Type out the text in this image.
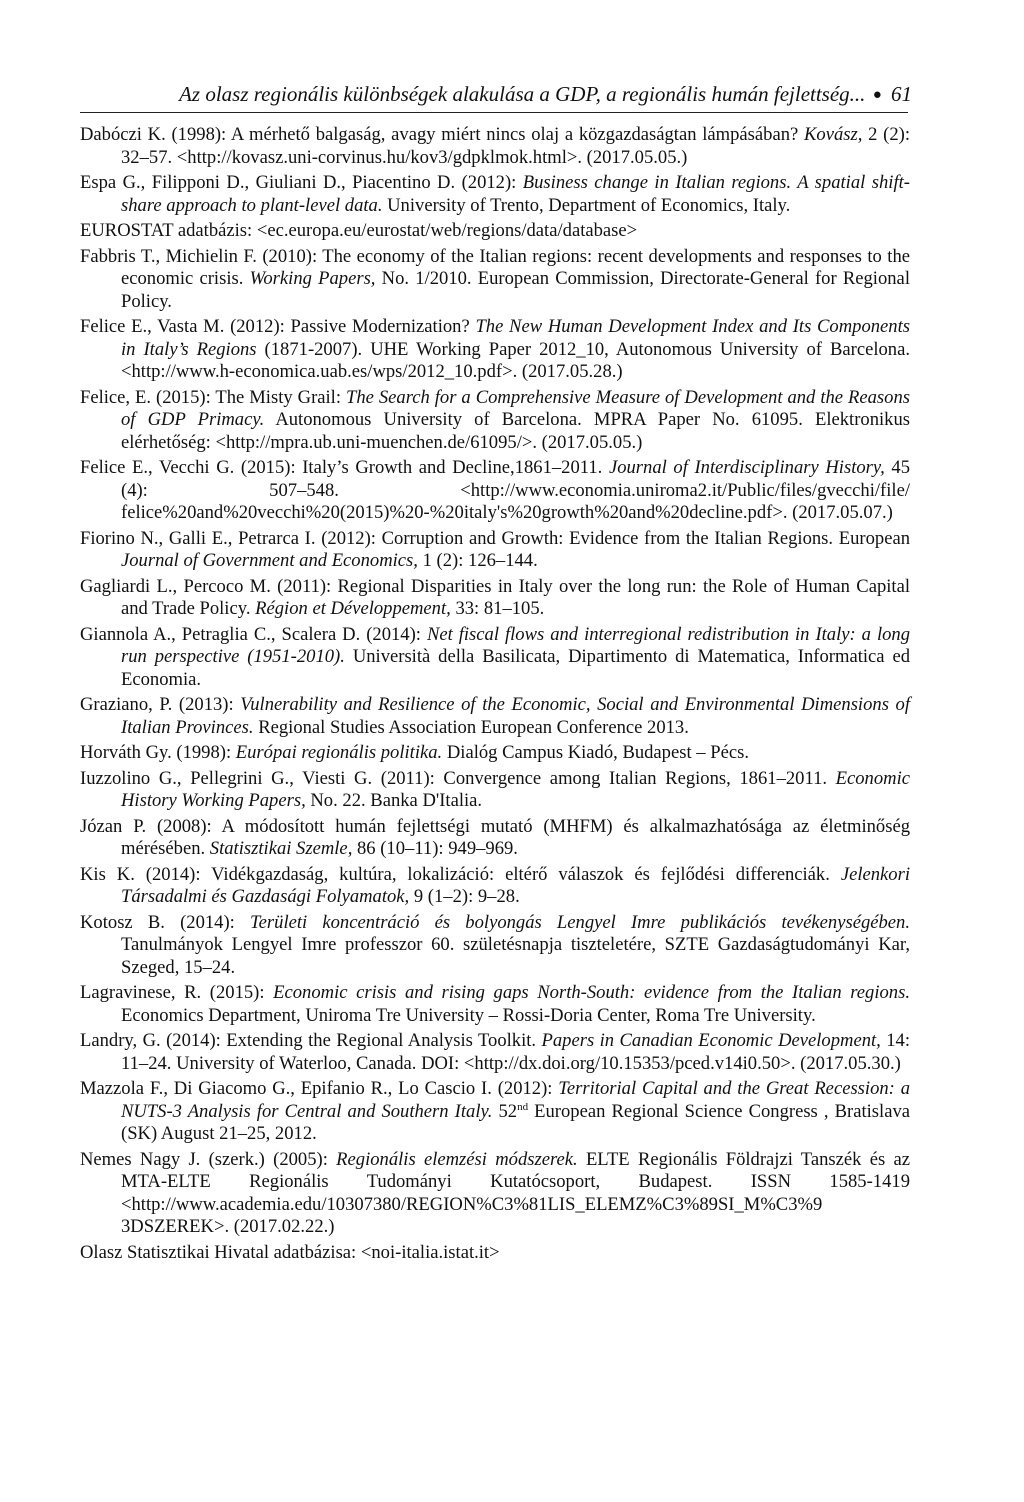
Az olasz regionális különbségek alakulása a GDP, a regionális humán fejlettség... ● 61

Dabóczi K. (1998): A mérhető balgaság, avagy miért nincs olaj a közgazdaságtan lámpásában? Kovász, 2 (2): 32–57. <http://kovasz.uni-corvinus.hu/kov3/gdpklmok.html>. (2017.05.05.)

Espa G., Filipponi D., Giuliani D., Piacentino D. (2012): Business change in Italian regions. A spatial shift-share approach to plant-level data. University of Trento, Department of Economics, Italy.

EUROSTAT adatbázis: <ec.europa.eu/eurostat/web/regions/data/database>

Fabbris T., Michielin F. (2010): The economy of the Italian regions: recent developments and responses to the economic crisis. Working Papers, No. 1/2010. European Commission, Directorate-General for Regional Policy.

Felice E., Vasta M. (2012): Passive Modernization? The New Human Development Index and Its Components in Italy’s Regions (1871-2007). UHE Working Paper 2012_10, Autonomous University of Barcelona. <http://www.h-economica.uab.es/wps/2012_10.pdf>. (2017.05.28.)

Felice, E. (2015): The Misty Grail: The Search for a Comprehensive Measure of Development and the Reasons of GDP Primacy. Autonomous University of Barcelona. MPRA Paper No. 61095. Elektronikus elérhetőség: <http://mpra.ub.uni-muenchen.de/61095/>. (2017.05.05.)

Felice E., Vecchi G. (2015): Italy’s Growth and Decline,1861–2011. Journal of Interdisciplinary History, 45 (4): 507–548. <http://www.economia.uniroma2.it/Public/files/gvecchi/file/ felice%20and%20vecchi%20(2015)%20-%20italy's%20growth%20and%20decline.pdf>. (2017.05.07.)

Fiorino N., Galli E., Petrarca I. (2012): Corruption and Growth: Evidence from the Italian Regions. European Journal of Government and Economics, 1 (2): 126–144.

Gagliardi L., Percoco M. (2011): Regional Disparities in Italy over the long run: the Role of Human Capital and Trade Policy. Région et Développement, 33: 81–105.

Giannola A., Petraglia C., Scalera D. (2014): Net fiscal flows and interregional redistribution in Italy: a long run perspective (1951-2010). Università della Basilicata, Dipartimento di Matematica, Informatica ed Economia.

Graziano, P. (2013): Vulnerability and Resilience of the Economic, Social and Environmental Dimensions of Italian Provinces. Regional Studies Association European Conference 2013.

Horváth Gy. (1998): Európai regionális politika. Dialóg Campus Kiadó, Budapest – Pécs.

Iuzzolino G., Pellegrini G., Viesti G. (2011): Convergence among Italian Regions, 1861–2011. Economic History Working Papers, No. 22. Banka D'Italia.

Józan P. (2008): A módosított humán fejlettségi mutató (MHFM) és alkalmazhatósága az életminőség mérésében. Statisztikai Szemle, 86 (10–11): 949–969.

Kis K. (2014): Vidékgazdaság, kultúra, lokalizáció: eltérő válaszok és fejlődési differenciák. Jelenkori Társadalmi és Gazdasági Folyamatok, 9 (1–2): 9–28.

Kotosz B. (2014): Területi koncentráció és bolyongás Lengyel Imre publikációs tevékenységében. Tanulmányok Lengyel Imre professzor 60. születésnapja tiszteletére, SZTE Gazdaságtudományi Kar, Szeged, 15–24.

Lagravinese, R. (2015): Economic crisis and rising gaps North-South: evidence from the Italian regions. Economics Department, Uniroma Tre University – Rossi-Doria Center, Roma Tre University.

Landry, G. (2014): Extending the Regional Analysis Toolkit. Papers in Canadian Economic Development, 14: 11–24. University of Waterloo, Canada. DOI: <http://dx.doi.org/10.15353/pced.v14i0.50>. (2017.05.30.)

Mazzola F., Di Giacomo G., Epifanio R., Lo Cascio I. (2012): Territorial Capital and the Great Recession: a NUTS-3 Analysis for Central and Southern Italy. 52nd European Regional Science Congress , Bratislava (SK) August 21–25, 2012.

Nemes Nagy J. (szerk.) (2005): Regionális elemzési módszerek. ELTE Regionális Földrajzi Tanszék és az MTA-ELTE Regionális Tudományi Kutatócsoport, Budapest. ISSN 1585-1419 <http://www.academia.edu/10307380/REGION%C3%81LIS_ELEMZ%C3%89SI_M%C3%9 3DSZEREK>. (2017.02.22.)

Olasz Statisztikai Hivatal adatbázisa: <noi-italia.istat.it>
